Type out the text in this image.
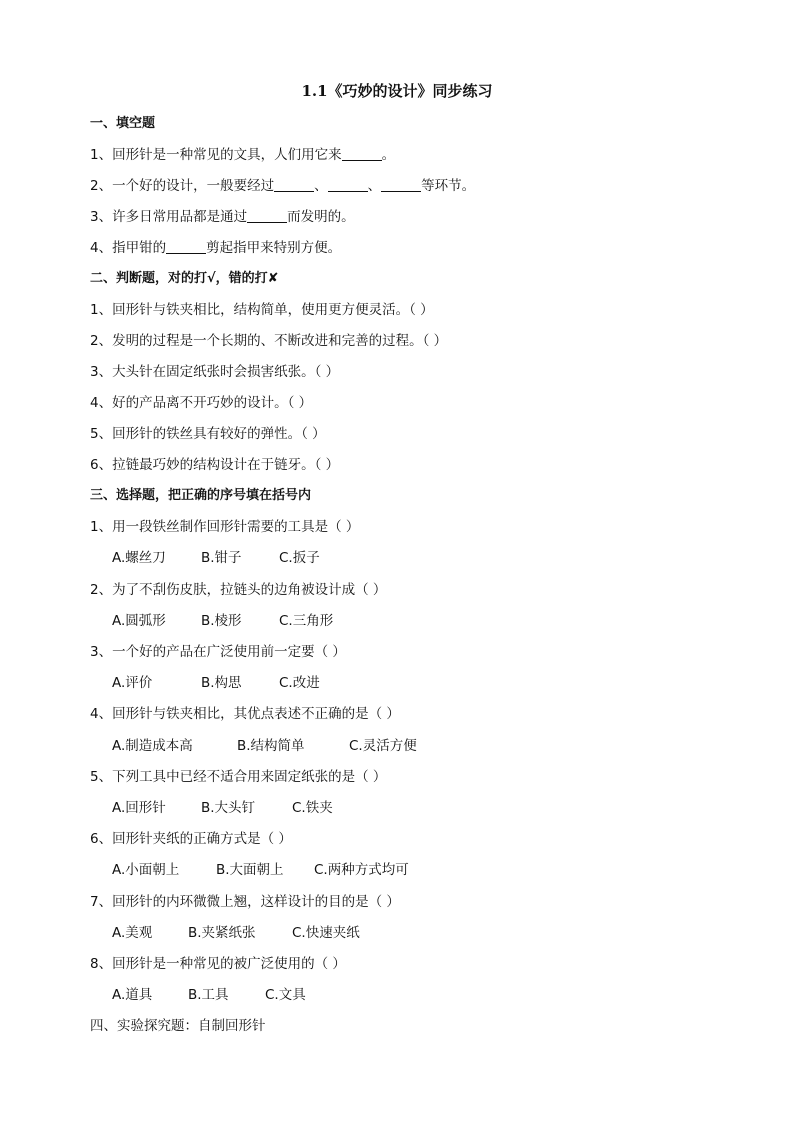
1.1《巧妙的设计》同步练习
一、填空题
1、回形针是一种常见的文具，人们用它来	。
2、一个好的设计，一般要经过	、	、	等环节。
3、许多日常用品都是通过	而发明的。
4、指甲钳的	剪起指甲来特别方便。
二、判断题，对的打√，错的打✘
1、回形针与铁夹相比，结构简单，使用更方便灵活。（ ）
2、发明的过程是一个长期的、不断改进和完善的过程。（ ）
3、大头针在固定纸张时会损害纸张。（ ）
4、好的产品离不开巧妙的设计。（ ）
5、回形针的铁丝具有较好的弹性。（ ）
6、拉链最巧妙的结构设计在于链牙。（ ）
三、选择题，把正确的序号填在括号内
1、用一段铁丝制作回形针需要的工具是（ ）
A.螺丝刀	B.钳子	C.扳子
2、为了不刮伤皮肤，拉链头的边角被设计成（ ）
A.圆弧形	B.棱形	C.三角形
3、一个好的产品在广泛使用前一定要（ ）
A.评价	B.构思	C.改进
4、回形针与铁夹相比，其优点表述不正确的是（ ）
A.制造成本高	B.结构简单	C.灵活方便
5、下列工具中已经不适合用来固定纸张的是（ ）
A.回形针	B.大头钉	C.铁夹
6、回形针夹纸的正确方式是（ ）
A.小面朝上	B.大面朝上 C.两种方式均可
7、回形针的内环微微上翘，这样设计的目的是（ ）
A.美观	B.夹紧纸张	C.快速夹纸
8、回形针是一种常见的被广泛使用的（ ）
A.道具	B.工具	C.文具
四、实验探究题：自制回形针
